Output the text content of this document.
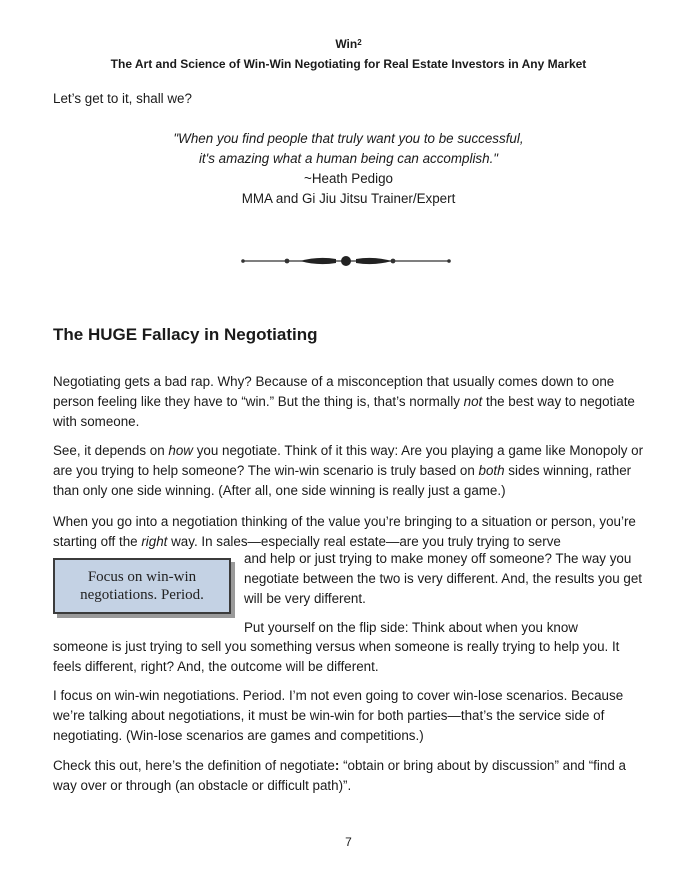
Win$^2$
The Art and Science of Win-Win Negotiating for Real Estate Investors in Any Market

Let’s get to it, shall we?

"When you find people that truly want you to be successful,
it's amazing what a human being can accomplish."
~Heath Pedigo
MMA and Gi Jiu Jitsu Trainer/Expert
The HUGE Fallacy in Negotiating

Negotiating gets a bad rap. Why? Because of a misconception that usually comes down to one person feeling like they have to “win.” But the thing is, that’s normally not the best way to negotiate with someone.

See, it depends on how you negotiate. Think of it this way: Are you playing a game like Monopoly or are you trying to help someone? The win-win scenario is truly based on both sides winning, rather than only one side winning. (After all, one side winning is really just a game.)

When you go into a negotiation thinking of the value you’re bringing to a situation or person, you’re starting off the right way. In sales—especially real estate—are you truly trying to serve

and help or just trying to make money off someone? The way you negotiate between the two is very different. And, the results you get will be very different.

Focus on win-win
negotiations. Period.

Put yourself on the flip side: Think about when you know

someone is just trying to sell you something versus when someone is really trying to help you. It feels different, right? And, the outcome will be different.

I focus on win-win negotiations. Period. I’m not even going to cover win-lose scenarios. Because we’re talking about negotiations, it must be win-win for both parties—that’s the service side of negotiating. (Win-lose scenarios are games and competitions.)

Check this out, here’s the definition of negotiate: “obtain or bring about by discussion” and “find a way over or through (an obstacle or difficult path)”.

7
